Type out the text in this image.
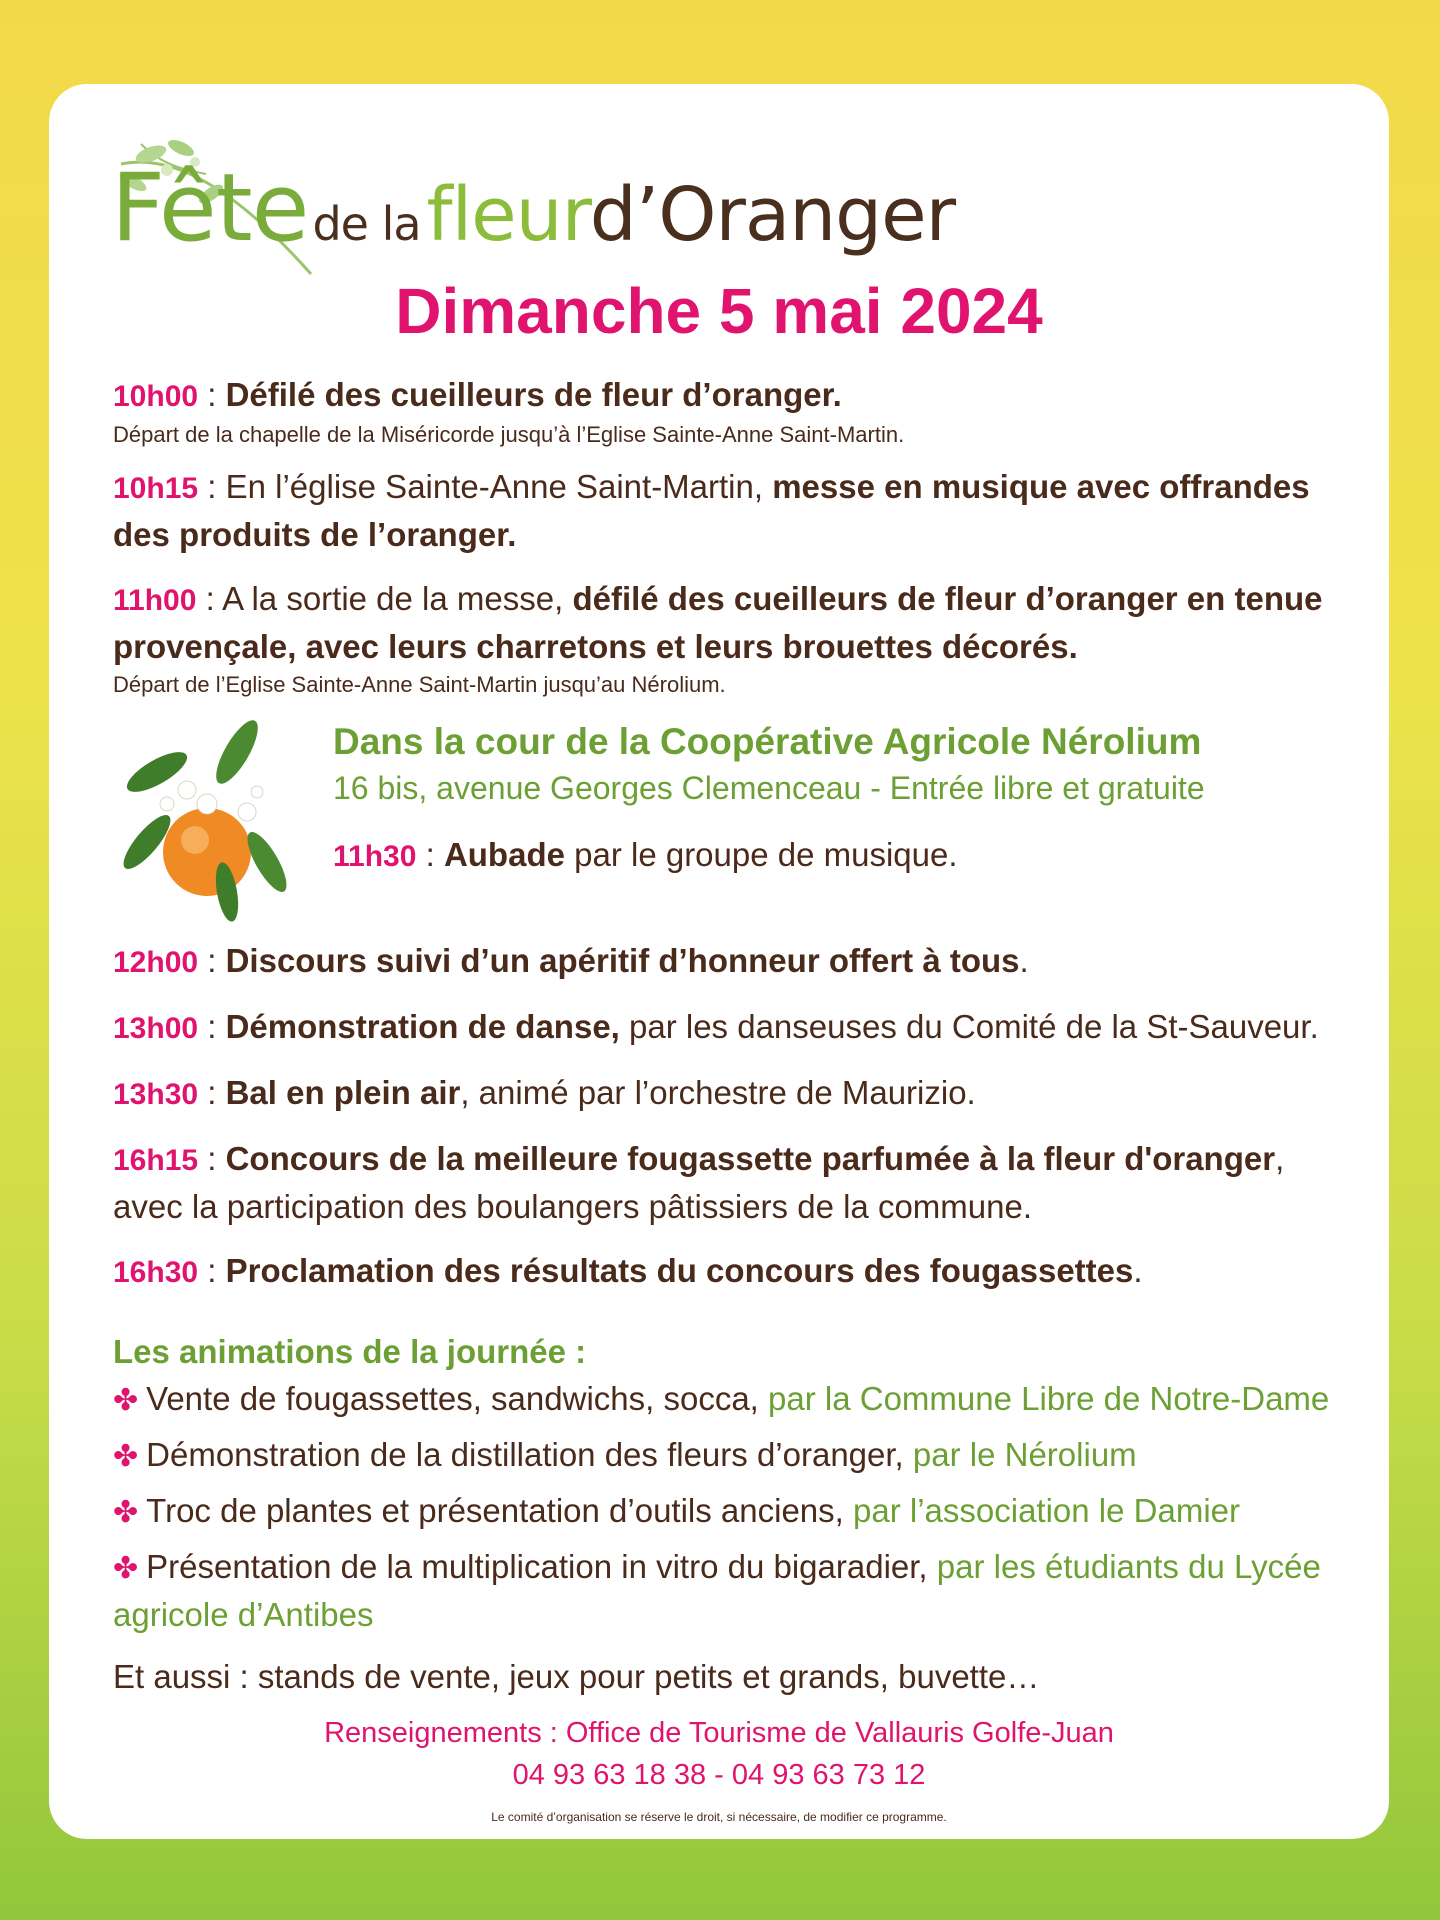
Fêtede lafleurd’Oranger
Dimanche 5 mai 2024
10h00 : Défilé des cueilleurs de fleur d’oranger.
Départ de la chapelle de la Miséricorde jusqu’à l’Eglise Sainte-Anne Saint-Martin.
10h15 : En l’église Sainte-Anne Saint-Martin, messe en musique avec offrandes des produits de l’oranger.
11h00 : A la sortie de la messe, défilé des cueilleurs de fleur d’oranger en tenue provençale, avec leurs charretons et leurs brouettes décorés.
Départ de l’Eglise Sainte-Anne Saint-Martin jusqu’au Nérolium.
Dans la cour de la Coopérative Agricole Nérolium
16 bis, avenue Georges Clemenceau - Entrée libre et gratuite
11h30 : Aubade par le groupe de musique.
12h00 : Discours suivi d’un apéritif d’honneur offert à tous.
13h00 : Démonstration de danse, par les danseuses du Comité de la St-Sauveur.
13h30 : Bal en plein air, animé par l’orchestre de Maurizio.
16h15 : Concours de la meilleure fougassette parfumée à la fleur d'oranger, avec la participation des boulangers pâtissiers de la commune.
16h30 : Proclamation des résultats du concours des fougassettes.
Les animations de la journée :
✤ Vente de fougassettes, sandwichs, socca, par la Commune Libre de Notre-Dame
✤ Démonstration de la distillation des fleurs d’oranger, par le Nérolium
✤ Troc de plantes et présentation d’outils anciens, par l’association le Damier
✤ Présentation de la multiplication in vitro du bigaradier, par les étudiants du Lycée agricole d’Antibes
Et aussi : stands de vente, jeux pour petits et grands, buvette…
Renseignements : Office de Tourisme de Vallauris Golfe-Juan
04 93 63 18 38 - 04 93 63 73 12
Le comité d’organisation se réserve le droit, si nécessaire, de modifier ce programme.
